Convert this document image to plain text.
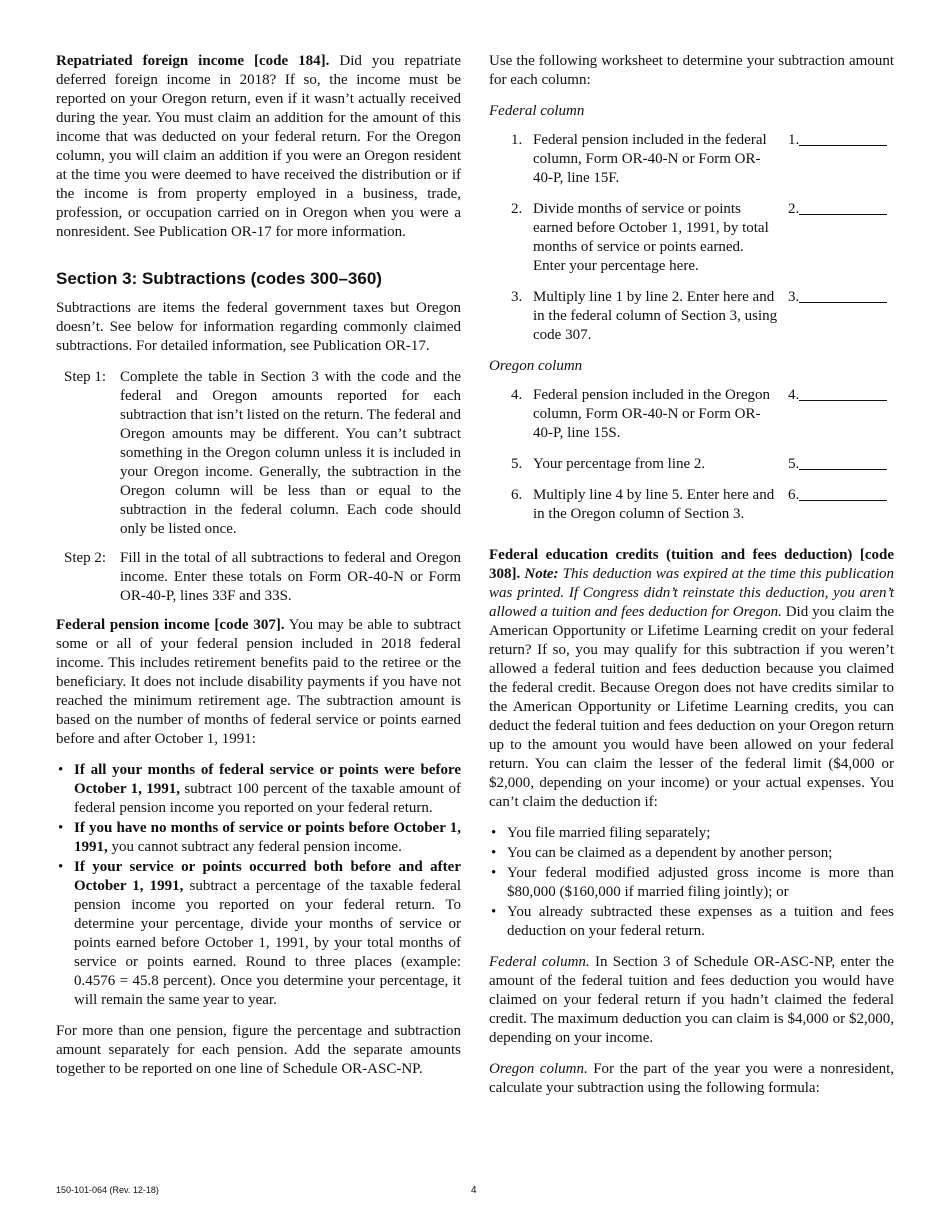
Repatriated foreign income [code 184]. Did you repatriate deferred foreign income in 2018? If so, the income must be reported on your Oregon return, even if it wasn’t actually received during the year. You must claim an addition for the amount of this income that was deducted on your federal return. For the Oregon column, you will claim an addition if you were an Oregon resident at the time you were deemed to have received the distribution or if the income is from property employed in a business, trade, profession, or occupation carried on in Oregon when you were a nonresident. See Publication OR-17 for more information.

Section 3: Subtractions (codes 300–360)

Subtractions are items the federal government taxes but Oregon doesn’t. See below for information regarding commonly claimed subtractions. For detailed information, see Publication OR-17.

Step 1: Complete the table in Section 3 with the code and the federal and Oregon amounts reported for each subtraction that isn’t listed on the return. The federal and Oregon amounts may be different. You can’t subtract something in the Oregon column unless it is included in your Oregon income. Generally, the subtraction in the Oregon column will be less than or equal to the subtraction in the federal column. Each code should only be listed once.
Step 2: Fill in the total of all subtractions to federal and Oregon income. Enter these totals on Form OR-40-N or Form OR-40-P, lines 33F and 33S.

Federal pension income [code 307]. You may be able to subtract some or all of your federal pension included in 2018 federal income. This includes retirement benefits paid to the retiree or the beneficiary. It does not include disability payments if you have not reached the minimum retirement age. The subtraction amount is based on the number of months of federal service or points earned before and after October 1, 1991:

• If all your months of federal service or points were before October 1, 1991, subtract 100 percent of the taxable amount of federal pension income you reported on your federal return.
• If you have no months of service or points before October 1, 1991, you cannot subtract any federal pension income.
• If your service or points occurred both before and after October 1, 1991, subtract a percentage of the taxable federal pension income you reported on your federal return. To determine your percentage, divide your months of service or points earned before October 1, 1991, by your total months of service or points earned. Round to three places (example: 0.4576 = 45.8 percent). Once you determine your percentage, it will remain the same year to year.

For more than one pension, figure the percentage and subtraction amount separately for each pension. Add the separate amounts together to be reported on one line of Schedule OR-ASC-NP.

Use the following worksheet to determine your subtraction amount for each column:

Federal column
1. Federal pension included in the federal column, Form OR-40-N or Form OR-40-P, line 15F.
1.
2. Divide months of service or points earned before October 1, 1991, by total months of service or points earned. Enter your percentage here.
2.
3. Multiply line 1 by line 2. Enter here and in the federal column of Section 3, using code 307.
3.
Oregon column
4. Federal pension included in the Oregon column, Form OR-40-N or Form OR-40-P, line 15S.
4.
5. Your percentage from line 2.	5.
6. Multiply line 4 by line 5. Enter here and in the Oregon column of Section 3.
6.

Federal education credits (tuition and fees deduction) [code 308]. Note: This deduction was expired at the time this publication was printed. If Congress didn’t reinstate this deduction, you aren’t allowed a tuition and fees deduction for Oregon. Did you claim the American Opportunity or Lifetime Learning credit on your federal return? If so, you may qualify for this subtraction if you weren’t allowed a federal tuition and fees deduction because you claimed the federal credit. Because Oregon does not have credits similar to the American Opportunity or Lifetime Learning credits, you can deduct the federal tuition and fees deduction on your Oregon return up to the amount you would have been allowed on your federal return. You can claim the lesser of the federal limit ($4,000 or $2,000, depending on your income) or your actual expenses. You can’t claim the deduction if:

• You file married filing separately;
• You can be claimed as a dependent by another person;
• Your federal modified adjusted gross income is more than $80,000 ($160,000 if married filing jointly); or
• You already subtracted these expenses as a tuition and fees deduction on your federal return.

Federal column. In Section 3 of Schedule OR-ASC-NP, enter the amount of the federal tuition and fees deduction you would have claimed on your federal return if you hadn’t claimed the federal credit. The maximum deduction you can claim is $4,000 or $2,000, depending on your income.

Oregon column. For the part of the year you were a nonresident, calculate your subtraction using the following formula:

150-101-064 (Rev. 12-18)	4
